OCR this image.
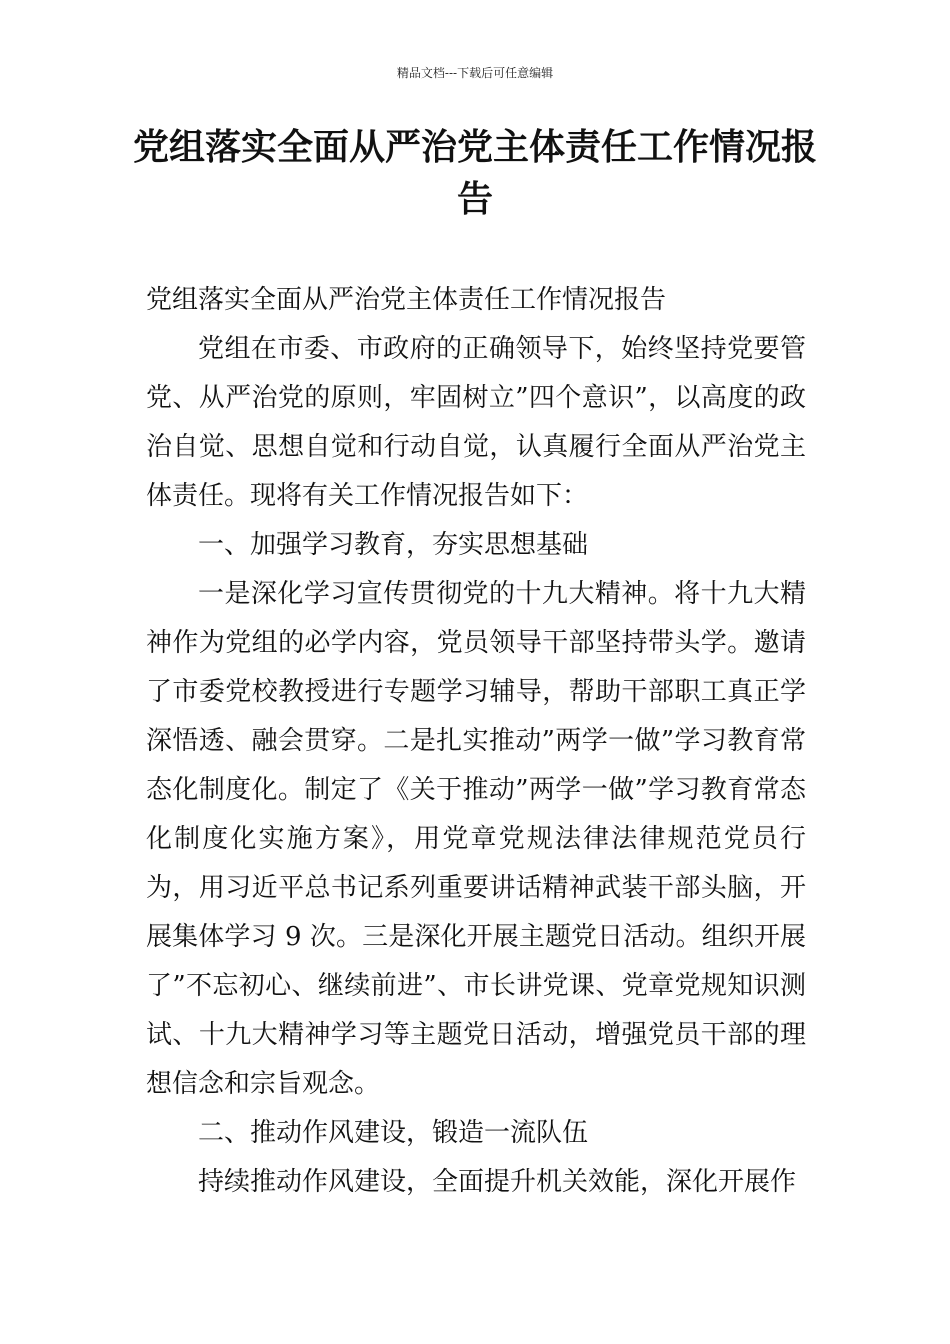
精品文档---下载后可任意编辑
党组落实全面从严治党主体责任工作情况报告

党组落实全面从严治党主体责任工作情况报告

党组在市委、市政府的正确领导下，始终坚持党要管党、从严治党的原则，牢固树立”四个意识”，以高度的政治自觉、思想自觉和行动自觉，认真履行全面从严治党主体责任。现将有关工作情况报告如下：

一、加强学习教育，夯实思想基础

一是深化学习宣传贯彻党的十九大精神。将十九大精神作为党组的必学内容，党员领导干部坚持带头学。邀请了市委党校教授进行专题学习辅导，帮助干部职工真正学深悟透、融会贯穿。二是扎实推动”两学一做”学习教育常态化制度化。制定了《关于推动”两学一做”学习教育常态化制度化实施方案》，用党章党规法律法律规范党员行为，用习近平总书记系列重要讲话精神武装干部头脑，开展集体学习 9 次。三是深化开展主题党日活动。组织开展了”不忘初心、继续前进”、市长讲党课、党章党规知识测试、十九大精神学习等主题党日活动，增强党员干部的理想信念和宗旨观念。

二、推动作风建设，锻造一流队伍

持续推动作风建设，全面提升机关效能，深化开展作
